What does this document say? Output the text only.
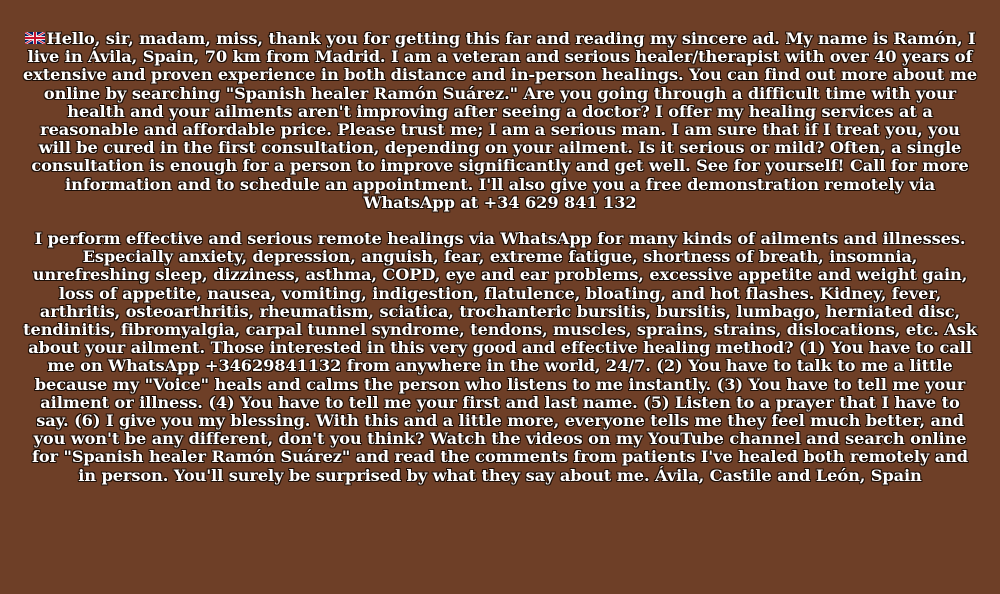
Hello, sir, madam, miss, thank you for getting this far and reading my sincere ad. My name is Ramón, I live in Ávila, Spain, 70 km from Madrid. I am a veteran and serious healer/therapist with over 40 years of extensive and proven experience in both distance and in-person healings. You can find out more about me online by searching "Spanish healer Ramón Suárez." Are you going through a difficult time with your health and your ailments aren't improving after seeing a doctor? I offer my healing services at a reasonable and affordable price. Please trust me; I am a serious man. I am sure that if I treat you, you will be cured in the first consultation, depending on your ailment. Is it serious or mild? Often, a single consultation is enough for a person to improve significantly and get well. See for yourself! Call for more information and to schedule an appointment. I'll also give you a free demonstration remotely via WhatsApp at +34 629 841 132

I perform effective and serious remote healings via WhatsApp for many kinds of ailments and illnesses. Especially anxiety, depression, anguish, fear, extreme fatigue, shortness of breath, insomnia, unrefreshing sleep, dizziness, asthma, COPD, eye and ear problems, excessive appetite and weight gain, loss of appetite, nausea, vomiting, indigestion, flatulence, bloating, and hot flashes. Kidney, fever, arthritis, osteoarthritis, rheumatism, sciatica, trochanteric bursitis, bursitis, lumbago, herniated disc, tendinitis, fibromyalgia, carpal tunnel syndrome, tendons, muscles, sprains, strains, dislocations, etc. Ask about your ailment. Those interested in this very good and effective healing method? (1) You have to call me on WhatsApp +34629841132 from anywhere in the world, 24/7. (2) You have to talk to me a little because my "Voice" heals and calms the person who listens to me instantly. (3) You have to tell me your ailment or illness. (4) You have to tell me your first and last name. (5) Listen to a prayer that I have to say. (6) I give you my blessing. With this and a little more, everyone tells me they feel much better, and you won't be any different, don't you think? Watch the videos on my YouTube channel and search online for "Spanish healer Ramón Suárez" and read the comments from patients I've healed both remotely and in person. You'll surely be surprised by what they say about me. Ávila, Castile and León, Spain
